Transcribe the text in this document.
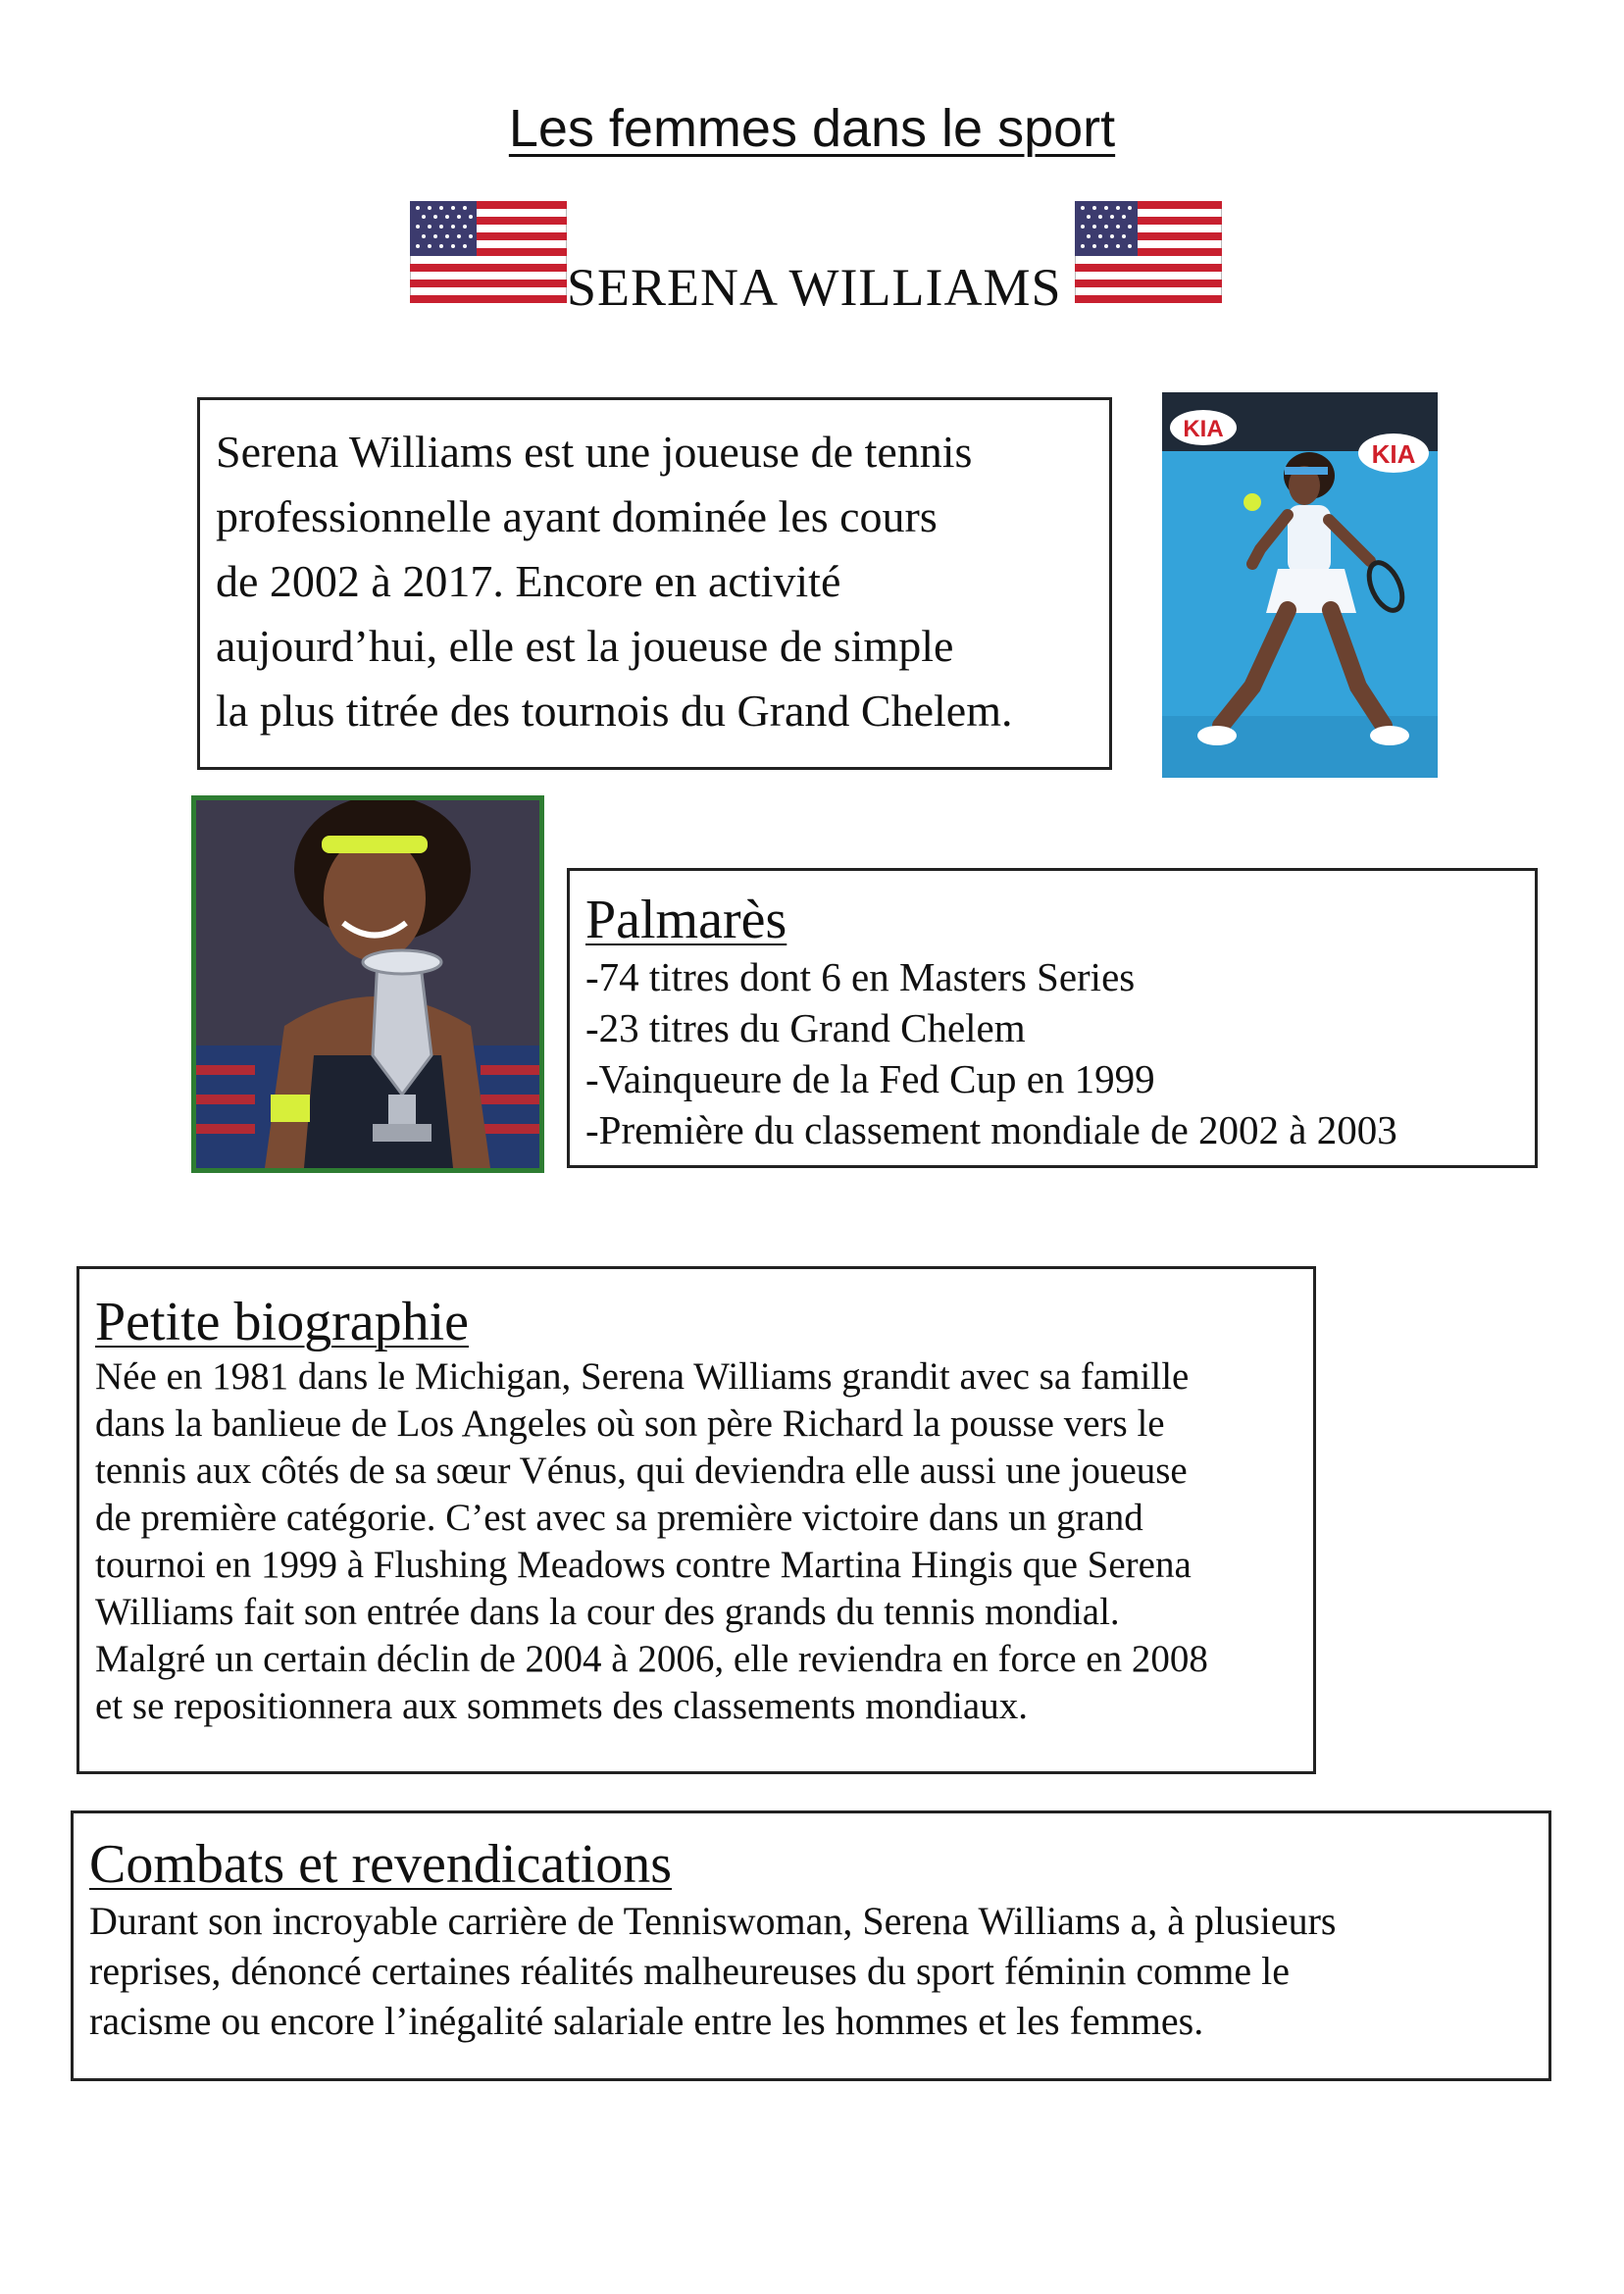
Les femmes dans le sport
SERENA WILLIAMS
Serena Williams est une joueuse de tennis
professionnelle ayant dominée les cours
de 2002 à 2017. Encore en activité
aujourd’hui, elle est la joueuse de simple
la plus titrée des tournois du Grand Chelem.
KIA
KIA
Palmarès
-74 titres dont 6 en Masters Series
-23 titres du Grand Chelem
-Vainqueure de la Fed Cup en 1999
-Première du classement mondiale de 2002 à 2003
Petite biographie
Née en 1981 dans le Michigan, Serena Williams grandit avec sa famille
dans la banlieue de Los Angeles où son père Richard la pousse vers le
tennis aux côtés de sa sœur Vénus, qui deviendra elle aussi une joueuse
de première catégorie. C’est avec sa première victoire dans un grand
tournoi en 1999 à Flushing Meadows contre Martina Hingis que Serena
Williams fait son entrée dans la cour des grands du tennis mondial.
Malgré un certain déclin de 2004 à 2006, elle reviendra en force en 2008
et se repositionnera aux sommets des classements mondiaux.
Combats et revendications
Durant son incroyable carrière de Tenniswoman, Serena Williams a, à plusieurs
reprises, dénoncé certaines réalités malheureuses du sport féminin comme le
racisme ou encore l’inégalité salariale entre les hommes et les femmes.
